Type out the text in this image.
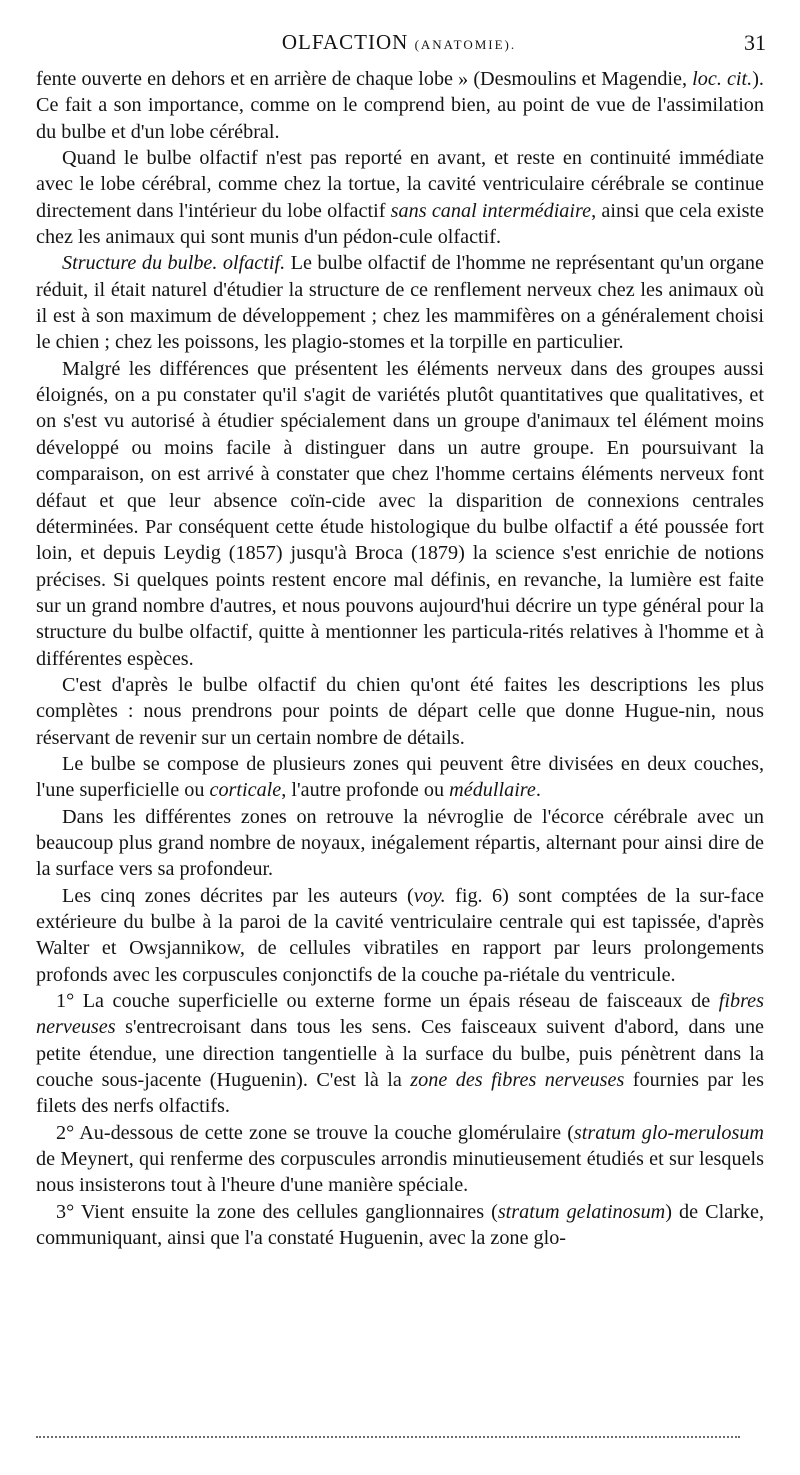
OLFACTION (ANATOMIE).	31

fente ouverte en dehors et en arrière de chaque lobe » (Desmoulins et Magendie, loc. cit.). Ce fait a son importance, comme on le comprend bien, au point de vue de l'assimilation du bulbe et d'un lobe cérébral.

Quand le bulbe olfactif n'est pas reporté en avant, et reste en continuité immédiate avec le lobe cérébral, comme chez la tortue, la cavité ventriculaire cérébrale se continue directement dans l'intérieur du lobe olfactif sans canal intermédiaire, ainsi que cela existe chez les animaux qui sont munis d'un pédon-cule olfactif.

Structure du bulbe. olfactif. Le bulbe olfactif de l'homme ne représentant qu'un organe réduit, il était naturel d'étudier la structure de ce renflement nerveux chez les animaux où il est à son maximum de développement ; chez les mammifères on a généralement choisi le chien ; chez les poissons, les plagio-stomes et la torpille en particulier.

Malgré les différences que présentent les éléments nerveux dans des groupes aussi éloignés, on a pu constater qu'il s'agit de variétés plutôt quantitatives que qualitatives, et on s'est vu autorisé à étudier spécialement dans un groupe d'animaux tel élément moins développé ou moins facile à distinguer dans un autre groupe. En poursuivant la comparaison, on est arrivé à constater que chez l'homme certains éléments nerveux font défaut et que leur absence coïn-cide avec la disparition de connexions centrales déterminées. Par conséquent cette étude histologique du bulbe olfactif a été poussée fort loin, et depuis Leydig (1857) jusqu'à Broca (1879) la science s'est enrichie de notions précises. Si quelques points restent encore mal définis, en revanche, la lumière est faite sur un grand nombre d'autres, et nous pouvons aujourd'hui décrire un type général pour la structure du bulbe olfactif, quitte à mentionner les particula-rités relatives à l'homme et à différentes espèces.

C'est d'après le bulbe olfactif du chien qu'ont été faites les descriptions les plus complètes : nous prendrons pour points de départ celle que donne Hugue-nin, nous réservant de revenir sur un certain nombre de détails.

Le bulbe se compose de plusieurs zones qui peuvent être divisées en deux couches, l'une superficielle ou corticale, l'autre profonde ou médullaire.

Dans les différentes zones on retrouve la névroglie de l'écorce cérébrale avec un beaucoup plus grand nombre de noyaux, inégalement répartis, alternant pour ainsi dire de la surface vers sa profondeur.

Les cinq zones décrites par les auteurs (voy. fig. 6) sont comptées de la sur-face extérieure du bulbe à la paroi de la cavité ventriculaire centrale qui est tapissée, d'après Walter et Owsjannikow, de cellules vibratiles en rapport par leurs prolongements profonds avec les corpuscules conjonctifs de la couche pa-riétale du ventricule.

1° La couche superficielle ou externe forme un épais réseau de faisceaux de fibres nerveuses s'entrecroisant dans tous les sens. Ces faisceaux suivent d'abord, dans une petite étendue, une direction tangentielle à la surface du bulbe, puis pénètrent dans la couche sous-jacente (Huguenin). C'est là la zone des fibres nerveuses fournies par les filets des nerfs olfactifs.

2° Au-dessous de cette zone se trouve la couche glomérulaire (stratum glo-merulosum de Meynert, qui renferme des corpuscules arrondis minutieusement étudiés et sur lesquels nous insisterons tout à l'heure d'une manière spéciale.

3° Vient ensuite la zone des cellules ganglionnaires (stratum gelatinosum) de Clarke, communiquant, ainsi que l'a constaté Huguenin, avec la zone glo-
